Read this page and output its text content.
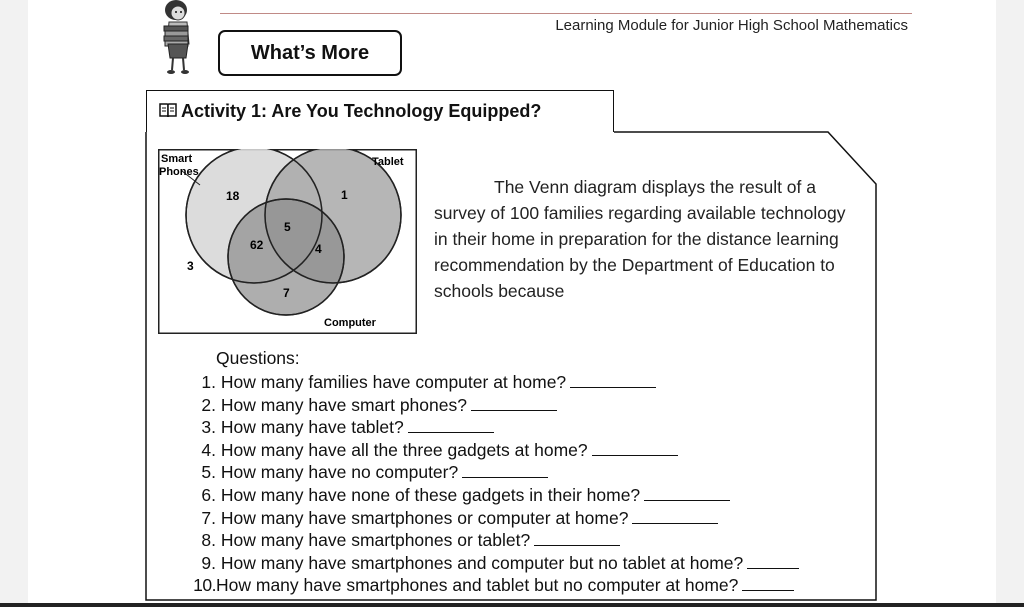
Learning Module for Junior High School Mathematics
What’s More
Activity 1: Are You Technology Equipped?
Smart
Phones
Tablet
Computer
18	1
5
62	4
7
3
The Venn diagram displays the result of a survey of 100 families regarding available technology in their home in preparation for the distance learning recommendation by the Department of Education to schools because
Questions:
1. How many families have computer at home?
2. How many have smart phones?
3. How many have tablet?
4. How many have all the three gadgets at home?
5. How many have no computer?
6. How many have none of these gadgets in their home?
7. How many have smartphones or computer at home?
8. How many have smartphones or tablet?
9. How many have smartphones and computer but no tablet at home?
10.How many have smartphones and tablet but no computer at home?
